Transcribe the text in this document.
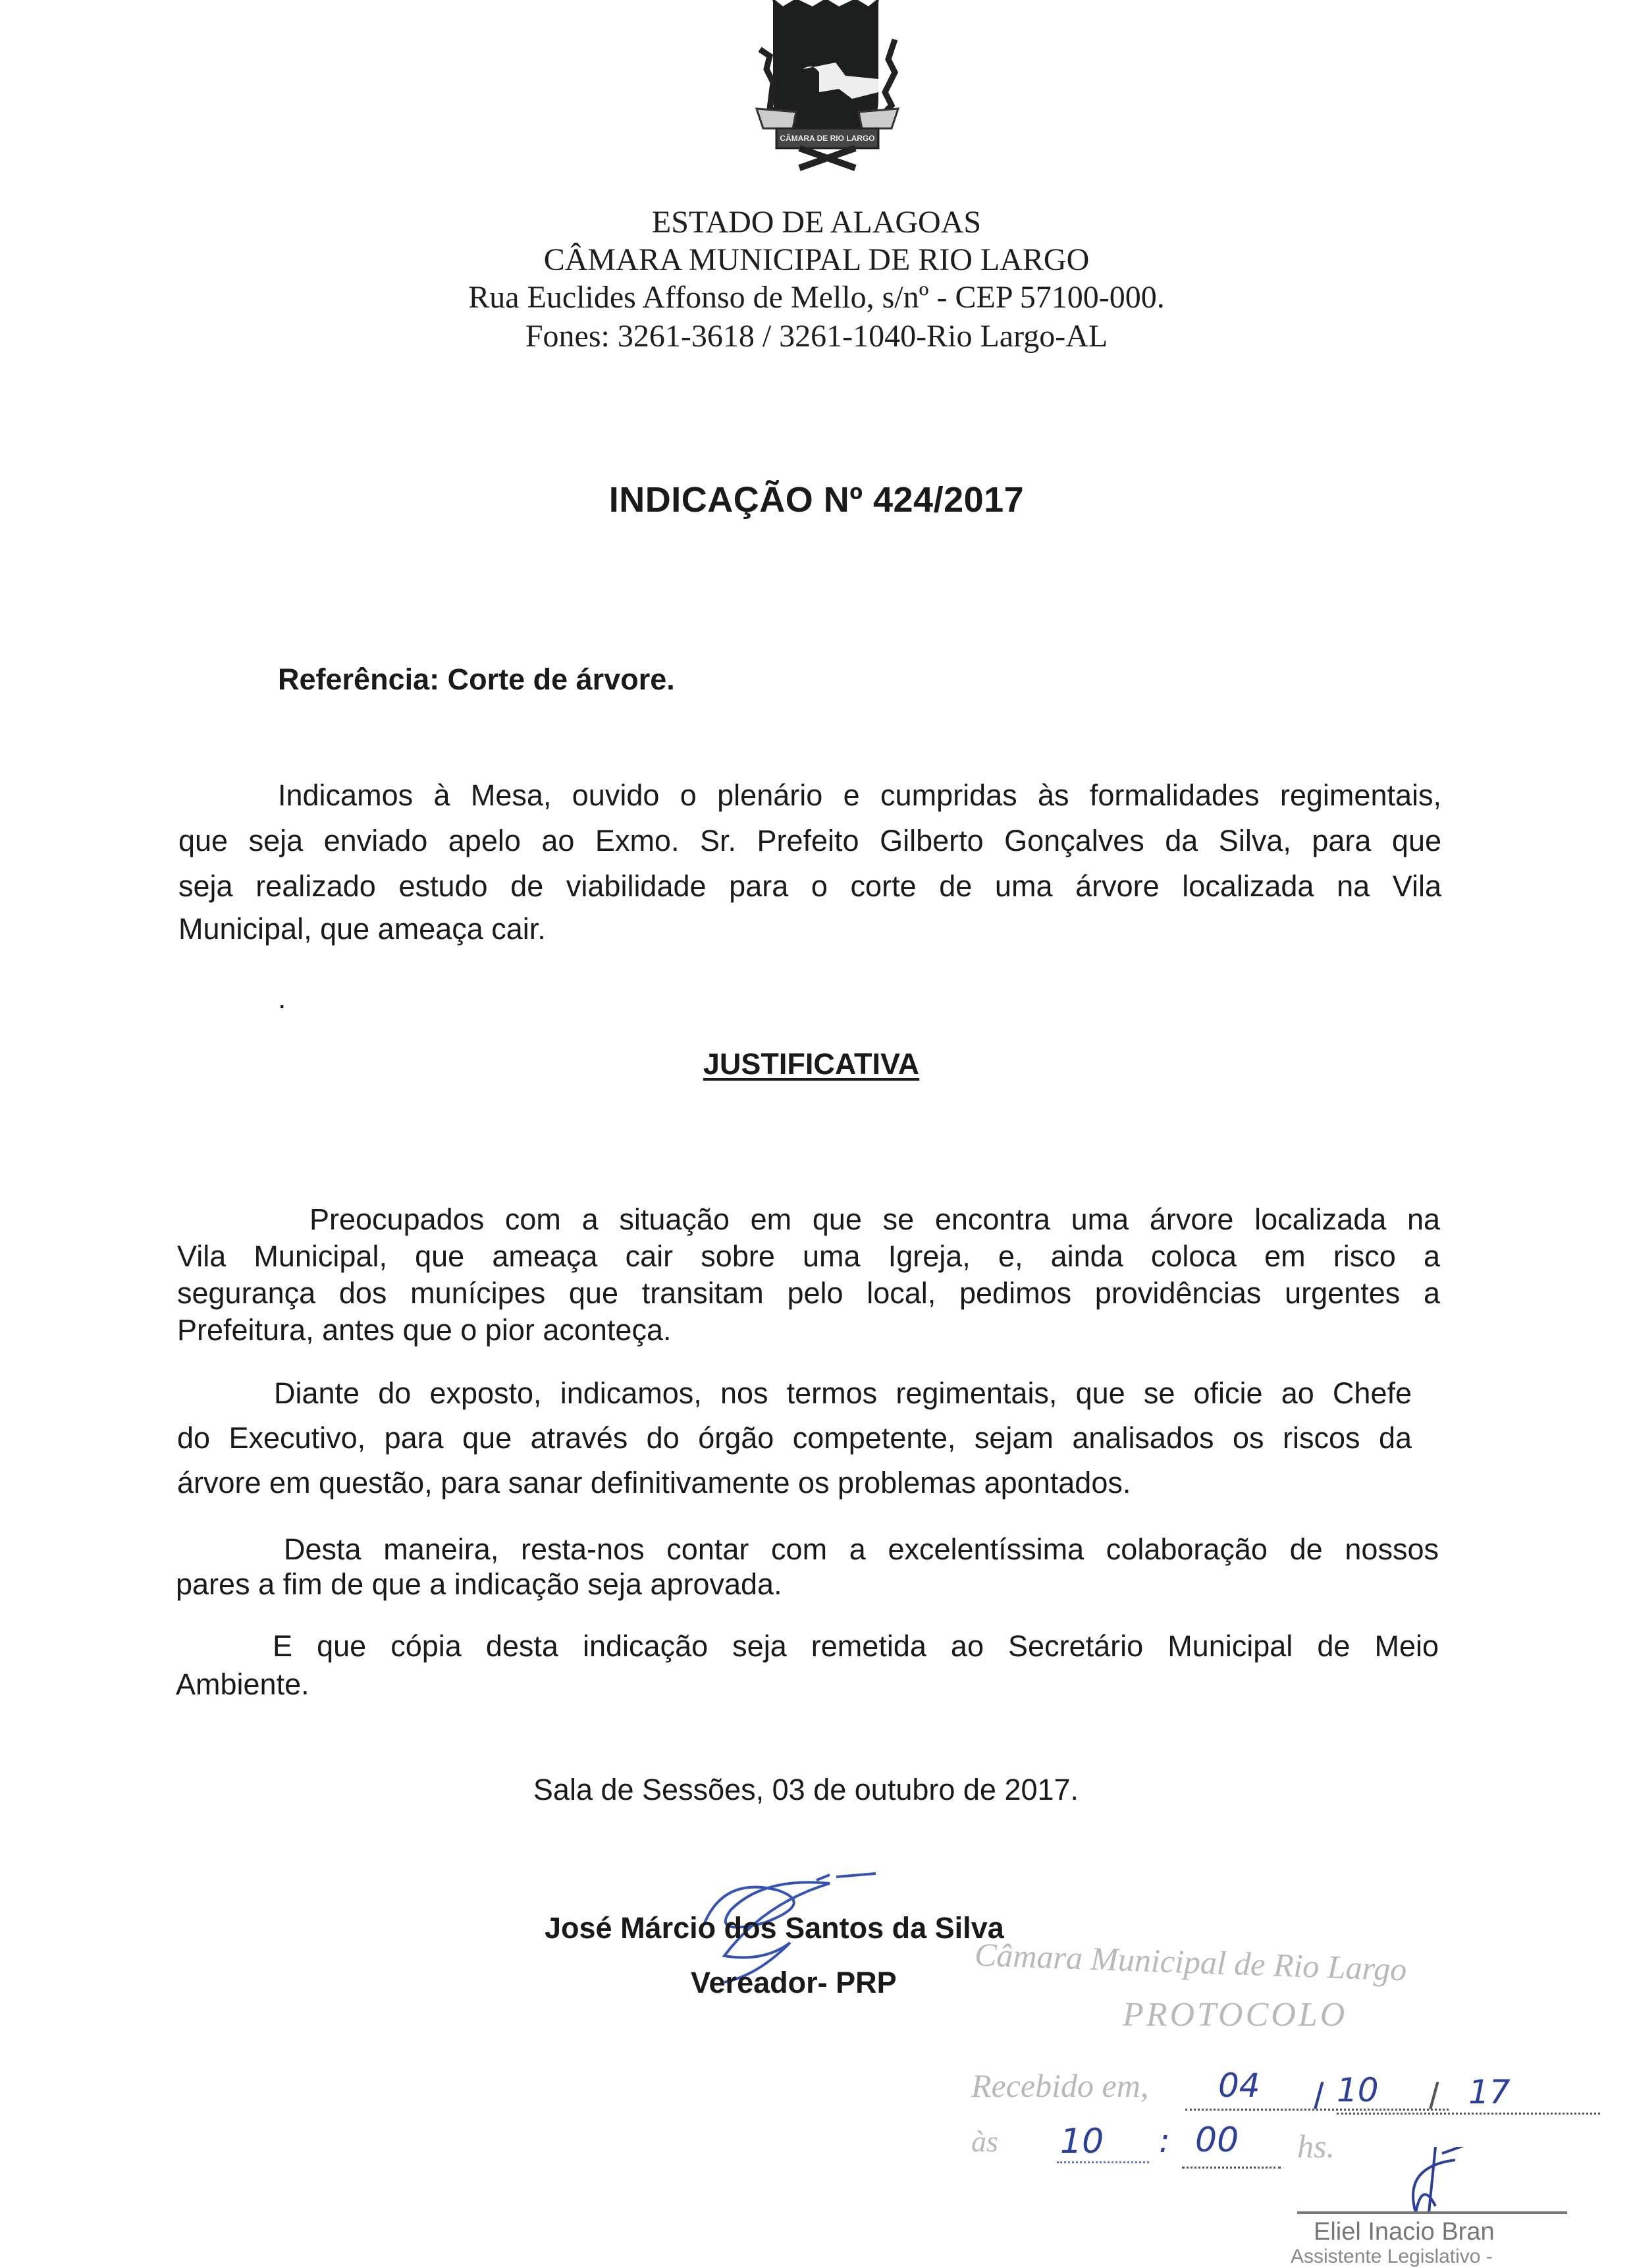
CÂMARA DE RIO LARGO
ESTADO DE ALAGOAS
CÂMARA MUNICIPAL DE RIO LARGO
Rua Euclides Affonso de Mello, s/nº - CEP 57100-000.
Fones: 3261-3618 / 3261-1040-Rio Largo-AL
INDICAÇÃO Nº 424/2017
Referência: Corte de árvore.
Indicamos à Mesa, ouvido o plenário e cumpridas às formalidades regimentais,
que seja enviado apelo ao Exmo. Sr. Prefeito Gilberto Gonçalves da Silva, para que
seja realizado estudo de viabilidade para o corte de uma árvore localizada na Vila
Municipal, que ameaça cair.
.
JUSTIFICATIVA
Preocupados com a situação em que se encontra uma árvore localizada na
Vila Municipal, que ameaça cair sobre uma Igreja, e, ainda coloca em risco a
segurança dos munícipes que transitam pelo local, pedimos providências urgentes a
Prefeitura, antes que o pior aconteça.
Diante do exposto, indicamos, nos termos regimentais, que se oficie ao Chefe
do Executivo, para que através do órgão competente, sejam analisados os riscos da
árvore em questão, para sanar definitivamente os problemas apontados.
Desta maneira, resta-nos contar com a excelentíssima colaboração de nossos
pares a fim de que a indicação seja aprovada.
E que cópia desta indicação seja remetida ao Secretário Municipal de Meio
Ambiente.
Sala de Sessões, 03 de outubro de 2017.
José Márcio dos Santos da Silva
Vereador- PRP Câmara Municipal de Rio Largo
PROTOCOLO
Recebido em, 04 / 10 / 17
às 10 : 00 hs.
Eliel Inacio Bran
Assistente Legislativo -
